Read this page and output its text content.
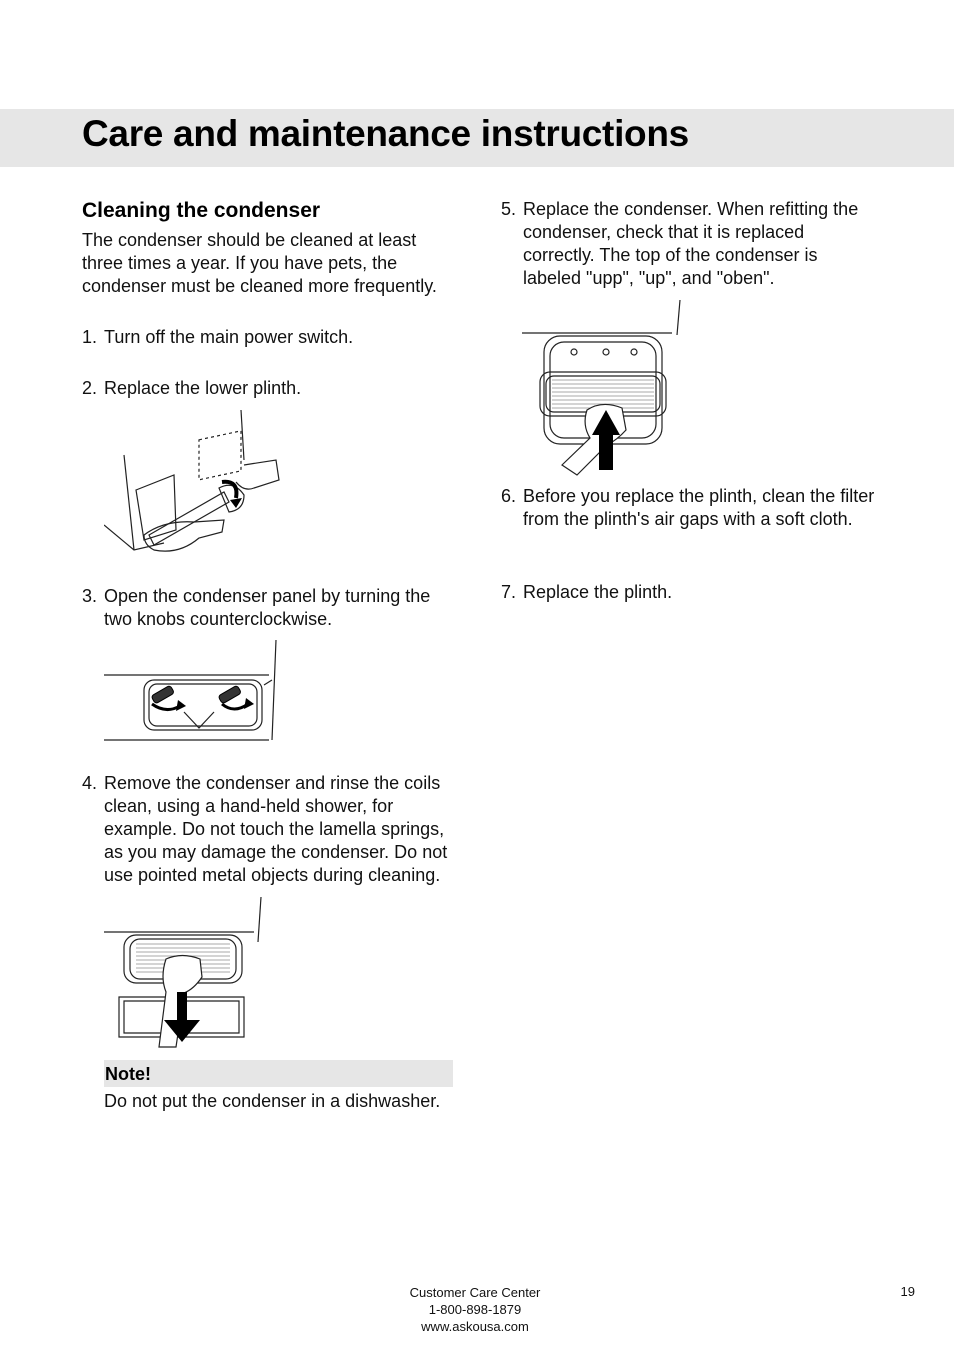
Care and maintenance instructions
Cleaning the condenser

The condenser should be cleaned at least three times a year. If you have pets, the condenser must be cleaned more frequently.

1. Turn off the main power switch.

2. Replace the lower plinth.

3. Open the condenser panel by turning the two knobs counterclockwise.

4. Remove the condenser and rinse the coils clean, using a hand-held shower, for example. Do not touch the lamella springs, as you may damage the condenser. Do not use pointed metal objects during cleaning.

Note!

Do not put the condenser in a dishwasher.

5. Replace the condenser. When refitting the condenser, check that it is replaced correctly. The top of the condenser is labeled "upp", "up", and "oben".

6. Before you replace the plinth, clean the filter from the plinth's air gaps with a soft cloth.

7. Replace the plinth.

Customer Care Center
1-800-898-1879
www.askousa.com
19
